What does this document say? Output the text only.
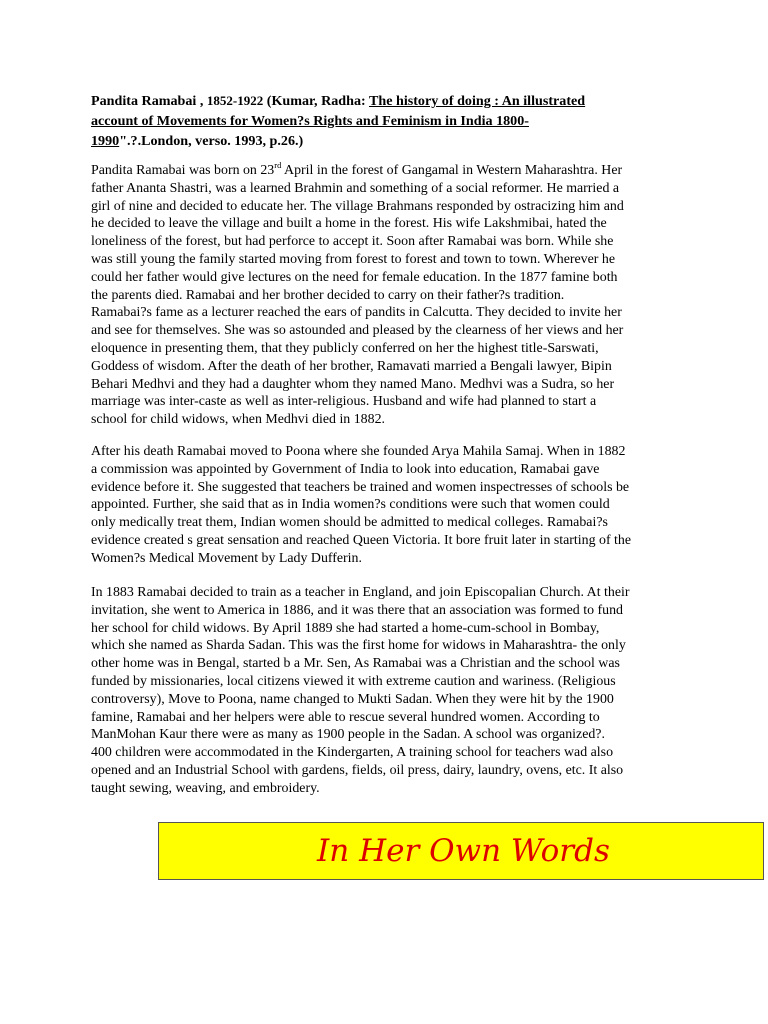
Pandita Ramabai , 1852-1922 (Kumar, Radha: The history of doing : An illustrated
account of Movements for Women?s Rights and Feminism in India 1800-
1990".?.London, verso. 1993, p.26.)
Pandita Ramabai was born on 23rd April in the forest of Gangamal in Western Maharashtra. Her
father Ananta Shastri, was a learned Brahmin and something of a social reformer. He married a
girl of nine and decided to educate her. The village Brahmans responded by ostracizing him and
he decided to leave the village and built a home in the forest. His wife Lakshmibai, hated the
loneliness of the forest, but had perforce to accept it. Soon after Ramabai was born. While she
was still young the family started moving from forest to forest and town to town. Wherever he
could her father would give lectures on the need for female education. In the 1877 famine both
the parents died. Ramabai and her brother decided to carry on their father?s tradition.
Ramabai?s fame as a lecturer reached the ears of pandits in Calcutta. They decided to invite her
and see for themselves. She was so astounded and pleased by the clearness of her views and her
eloquence in presenting them, that they publicly conferred on her the highest title-Sarswati,
Goddess of wisdom. After the death of her brother, Ramavati married a Bengali lawyer, Bipin
Behari Medhvi and they had a daughter whom they named Mano. Medhvi was a Sudra, so her
marriage was inter-caste as well as inter-religious. Husband and wife had planned to start a
school for child widows, when Medhvi died in 1882.
After his death Ramabai moved to Poona where she founded Arya Mahila Samaj. When in 1882
a commission was appointed by Government of India to look into education, Ramabai gave
evidence before it. She suggested that teachers be trained and women inspectresses of schools be
appointed. Further, she said that as in India women?s conditions were such that women could
only medically treat them, Indian women should be admitted to medical colleges. Ramabai?s
evidence created s great sensation and reached Queen Victoria. It bore fruit later in starting of the
Women?s Medical Movement by Lady Dufferin.
In 1883 Ramabai decided to train as a teacher in England, and join Episcopalian Church. At their
invitation, she went to America in 1886, and it was there that an association was formed to fund
her school for child widows. By April 1889 she had started a home-cum-school in Bombay,
which she named as Sharda Sadan. This was the first home for widows in Maharashtra- the only
other home was in Bengal, started b a Mr. Sen, As Ramabai was a Christian and the school was
funded by missionaries, local citizens viewed it with extreme caution and wariness. (Religious
controversy), Move to Poona, name changed to Mukti Sadan. When they were hit by the 1900
famine, Ramabai and her helpers were able to rescue several hundred women. According to
ManMohan Kaur there were as many as 1900 people in the Sadan. A school was organized?.
400 children were accommodated in the Kindergarten, A training school for teachers wad also
opened and an Industrial School with gardens, fields, oil press, dairy, laundry, ovens, etc. It also
taught sewing, weaving, and embroidery.
In Her Own Words
